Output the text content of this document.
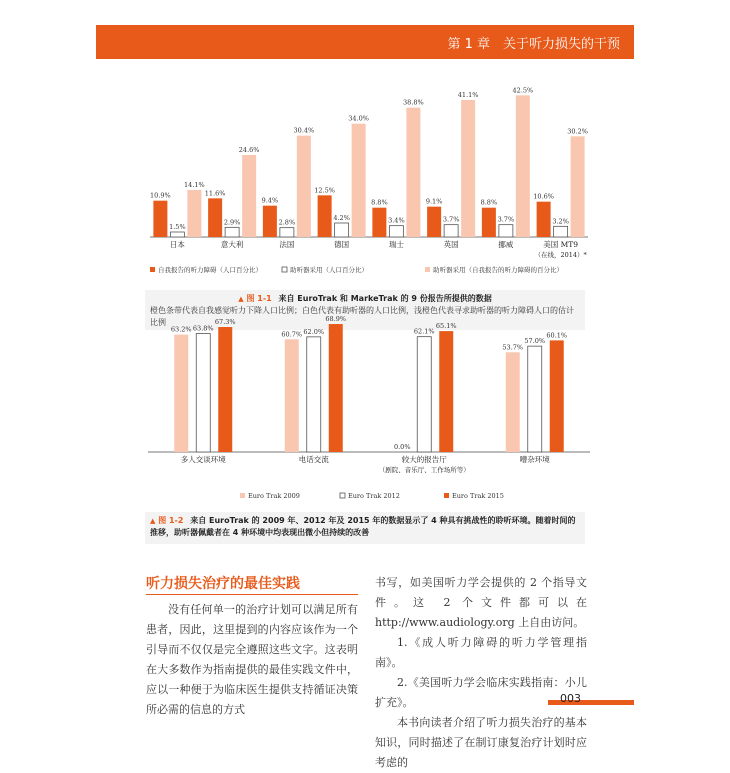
第 1 章　关于听力损失的干预
10.9%
1.5%
14.1%
日本
11.6%
2.9%
24.6%
意大利
9.4%
2.8%
30.4%
法国
12.5%
4.2%
34.0%
德国
8.8%
3.4%
38.8%
瑞士
9.1%
3.7%
41.1%
英国
8.8%
3.7%
42.5%
挪威
10.6%
3.2%
30.2%
美国 MT9
（在线，2014）*
自我报告的听力障碍（人口百分比）	助听器采用（人口百分比）	助听器采用（自我报告的听力障碍的百分比）
▲ 图 1-1 来自 EuroTrak 和 MarkeTrak 的 9 份报告所提供的数据
橙色条带代表自我感觉听力下降人口比例；白色代表有助听器的人口比例，浅橙色代表寻求助听器的听力障碍人口的估计比例
63.2% 63.8%
67.3%
多人交谈环境
60.7% 62.0%
68.9%
电话交流
0.0%
62.1%
65.1%
较大的报告厅
（剧院、音乐厅、工作场所等）
53.7%
57.0%
60.1%
嘈杂环境
Euro Trak 2009	Euro Trak 2012	Euro Trak 2015
▲ 图 1-2 来自 EuroTrak 的 2009 年、2012 年及 2015 年的数据显示了 4 种具有挑战性的聆听环境。随着时间的推移，助听器佩戴者在 4 种环境中均表现出微小但持续的改善
听力损失治疗的最佳实践

没有任何单一的治疗计划可以满足所有患者，因此，这里提到的内容应该作为一个引导而不仅仅是完全遵照这些文字。这表明在大多数作为指南提供的最佳实践文件中，应以一种便于为临床医生提供支持循证决策所必需的信息的方式

书写，如美国听力学会提供的 2 个指导文件。这 2 个文件都可以在 http://www.audiology.org 上自由访问。

1.《成人听力障碍的听力学管理指南》。

2.《美国听力学会临床实践指南：小儿扩充》。

本书向读者介绍了听力损失治疗的基本知识，同时描述了在制订康复治疗计划时应考虑的

003
